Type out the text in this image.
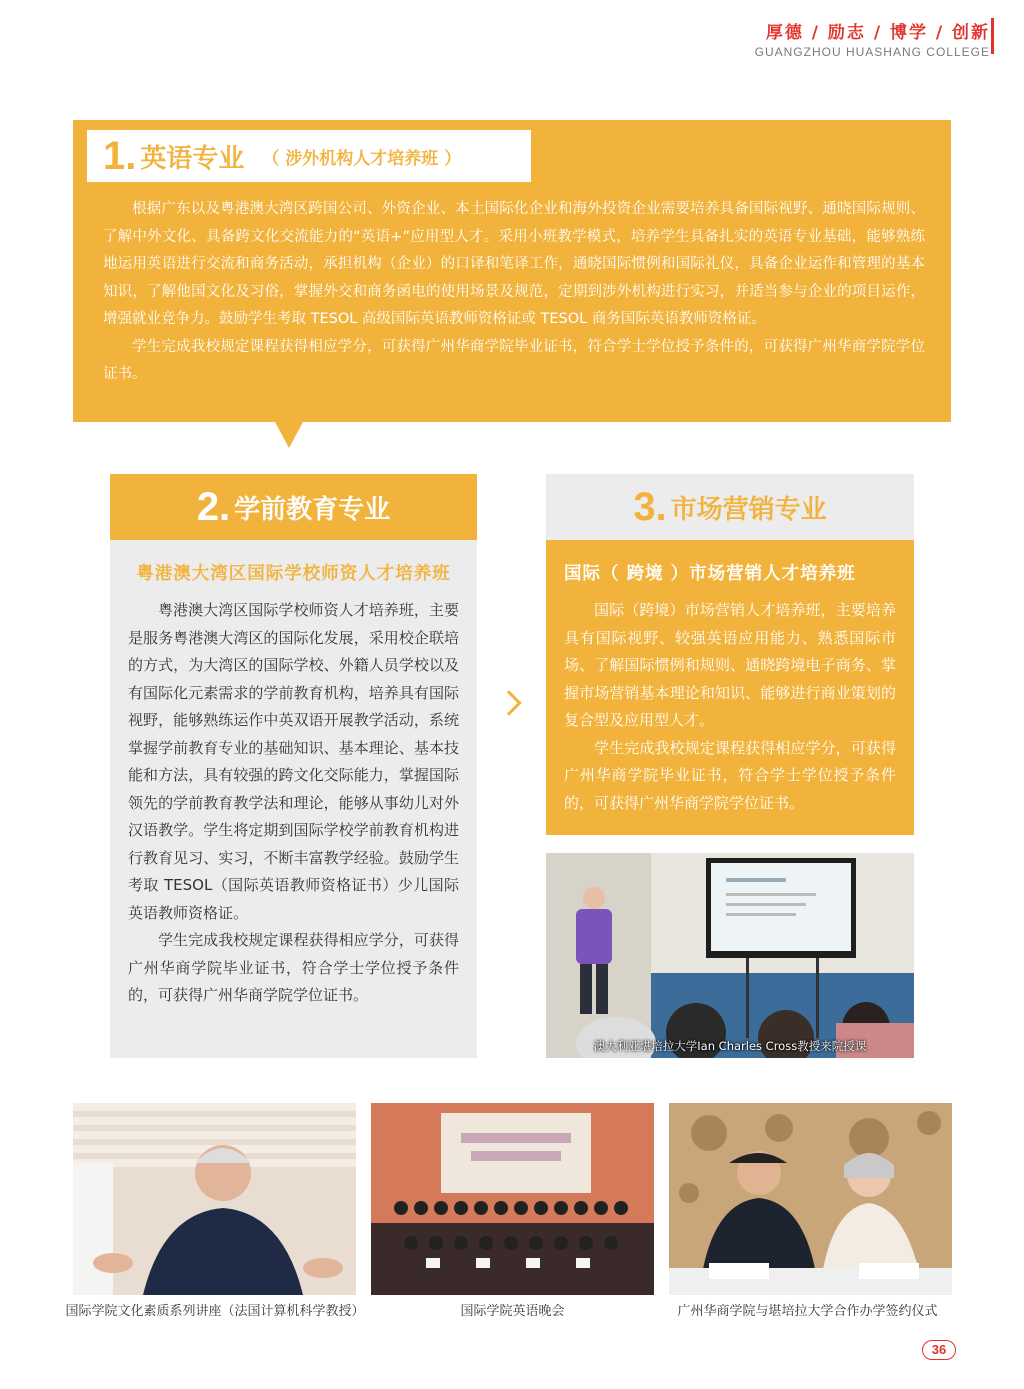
厚德 / 励志 / 博学 / 创新
GUANGZHOU HUASHANG COLLEGE
1. 英语专业 （ 涉外机构人才培养班 ）

根据广东以及粤港澳大湾区跨国公司、外资企业、本土国际化企业和海外投资企业需要培养具备国际视野、通晓国际规则、了解中外文化、具备跨文化交流能力的“英语+”应用型人才。采用小班教学模式，培养学生具备扎实的英语专业基础，能够熟练地运用英语进行交流和商务活动，承担机构（企业）的口译和笔译工作，通晓国际惯例和国际礼仪，具备企业运作和管理的基本知识，了解他国文化及习俗，掌握外交和商务函电的使用场景及规范，定期到涉外机构进行实习，并适当参与企业的项目运作，增强就业竞争力。鼓励学生考取 TESOL 高级国际英语教师资格证或 TESOL 商务国际英语教师资格证。

学生完成我校规定课程获得相应学分，可获得广州华商学院毕业证书，符合学士学位授予条件的，可获得广州华商学院学位证书。

2. 学前教育专业
粤港澳大湾区国际学校师资人才培养班

粤港澳大湾区国际学校师资人才培养班，主要是服务粤港澳大湾区的国际化发展，采用校企联培的方式，为大湾区的国际学校、外籍人员学校以及有国际化元素需求的学前教育机构，培养具有国际视野，能够熟练运作中英双语开展教学活动，系统掌握学前教育专业的基础知识、基本理论、基本技能和方法，具有较强的跨文化交际能力，掌握国际领先的学前教育教学法和理论，能够从事幼儿对外汉语教学。学生将定期到国际学校学前教育机构进行教育见习、实习，不断丰富教学经验。鼓励学生考取 TESOL（国际英语教师资格证书）少儿国际英语教师资格证。

学生完成我校规定课程获得相应学分，可获得广州华商学院毕业证书，符合学士学位授予条件的，可获得广州华商学院学位证书。

3. 市场营销专业
国际（ 跨境 ）市场营销人才培养班

国际（跨境）市场营销人才培养班，主要培养具有国际视野、较强英语应用能力、熟悉国际市场、了解国际惯例和规则、通晓跨境电子商务、掌握市场营销基本理论和知识、能够进行商业策划的复合型及应用型人才。

学生完成我校规定课程获得相应学分，可获得广州华商学院毕业证书，符合学士学位授予条件的，可获得广州华商学院学位证书。

澳大利亚堪培拉大学Ian Charles Cross教授来院授课
国际学院文化素质系列讲座（法国计算机科学教授）	国际学院英语晚会	广州华商学院与堪培拉大学合作办学签约仪式
36
